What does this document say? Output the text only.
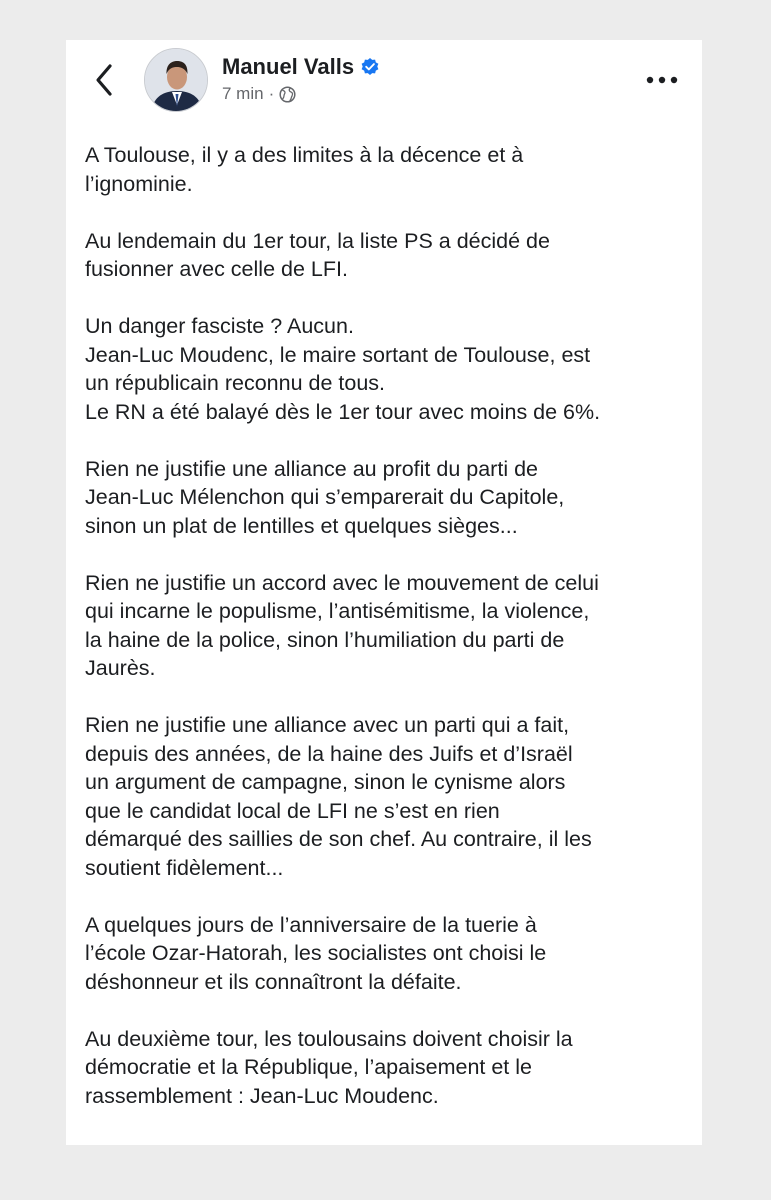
Manuel Valls
7 min ·

A Toulouse, il y a des limites à la décence et à
l’ignominie.

Au lendemain du 1er tour, la liste PS a décidé de
fusionner avec celle de LFI.

Un danger fasciste ? Aucun.
Jean-Luc Moudenc, le maire sortant de Toulouse, est
un républicain reconnu de tous.
Le RN a été balayé dès le 1er tour avec moins de 6%.

Rien ne justifie une alliance au profit du parti de
Jean-Luc Mélenchon qui s’emparerait du Capitole,
sinon un plat de lentilles et quelques sièges...

Rien ne justifie un accord avec le mouvement de celui
qui incarne le populisme, l’antisémitisme, la violence,
la haine de la police, sinon l’humiliation du parti de
Jaurès.

Rien ne justifie une alliance avec un parti qui a fait,
depuis des années, de la haine des Juifs et d’Israël
un argument de campagne, sinon le cynisme alors
que le candidat local de LFI ne s’est en rien
démarqué des saillies de son chef. Au contraire, il les
soutient fidèlement...

A quelques jours de l’anniversaire de la tuerie à
l’école Ozar-Hatorah, les socialistes ont choisi le
déshonneur et ils connaîtront la défaite.

Au deuxième tour, les toulousains doivent choisir la
démocratie et la République, l’apaisement et le
rassemblement : Jean-Luc Moudenc.
